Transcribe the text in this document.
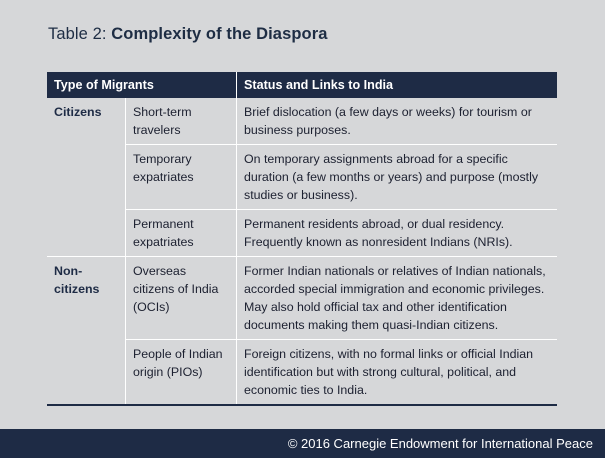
Table 2: Complexity of the Diaspora
Type of Migrants		Status and Links to India
Citizens	Short-term travelers	Brief dislocation (a few days or weeks) for tourism or business purposes.
	Temporary expatriates	On temporary assignments abroad for a specific duration (a few months or years) and purpose (mostly studies or business).
	Permanent expatriates	Permanent residents abroad, or dual residency. Frequently known as nonresident Indians (NRIs).
Non-citizens	Overseas citizens of India (OCIs)	Former Indian nationals or relatives of Indian nationals, accorded special immigration and economic privileges. May also hold official tax and other identification documents making them quasi-Indian citizens.
	People of Indian origin (PIOs)	Foreign citizens, with no formal links or official Indian identification but with strong cultural, political, and economic ties to India.
© 2016 Carnegie Endowment for International Peace
